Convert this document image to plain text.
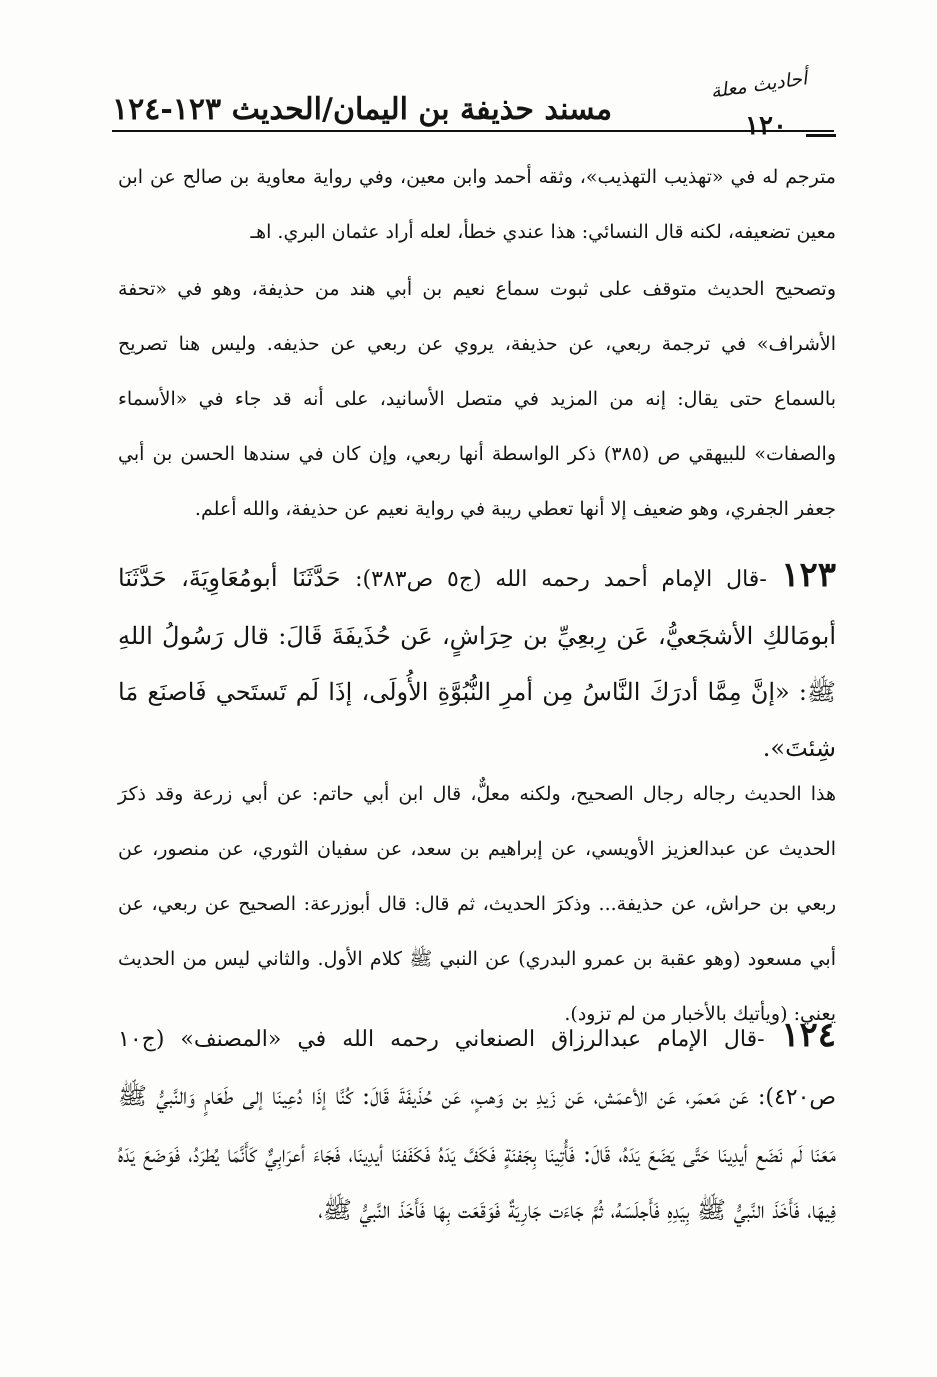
مسند حذيفة بن اليمان/الحديث ١٢٣-١٢٤	١٢٠
أحاديث معلة

مترجم له في «تهذيب التهذيب»، وثقه أحمد وابن معين، وفي رواية معاوية بن صالح عن ابن معين تضعيفه، لكنه قال النسائي: هذا عندي خطأ، لعله أراد عثمان البري. اهـ

وتصحيح الحديث متوقف على ثبوت سماع نعيم بن أبي هند من حذيفة، وهو في «تحفة الأشراف» في ترجمة ربعي، عن حذيفة، يروي عن ربعي عن حذيفه. وليس هنا تصريح بالسماع حتى يقال: إنه من المزيد في متصل الأسانيد، على أنه قد جاء في «الأسماء والصفات» للبيهقي ص (٣٨٥) ذكر الواسطة أنها ربعي، وإن كان في سندها الحسن بن أبي جعفر الجفري، وهو ضعيف إلا أنها تعطي ريبة في رواية نعيم عن حذيفة، والله أعلم.

١٢٣ -قال الإمام أحمد رحمه الله (ج٥ ص٣٨٣): حَدَّثَنَا أبومُعَاوِيَةَ، حَدَّثَنَا أبومَالكِ الأشجَعيُّ، عَن رِبعِيِّ بن حِرَاشٍ، عَن حُذَيفَةَ قَالَ: قال رَسُولُ اللهِ ﷺ: «إنَّ مِمَّا أدرَكَ النَّاسُ مِن أمرِ النُّبُوَّةِ الأُولَى، إذَا لَم تَستَحي فَاصنَع مَا شِئتَ».

هذا الحديث رجاله رجال الصحيح، ولكنه معلٌّ، قال ابن أبي حاتم: عن أبي زرعة وقد ذكرَ الحديث عن عبدالعزيز الأويسي، عن إبراهيم بن سعد، عن سفيان الثوري، عن منصور، عن ربعي بن حراش، عن حذيفة... وذكرَ الحديث، ثم قال: قال أبوزرعة: الصحيح عن ربعي، عن أبي مسعود (وهو عقبة بن عمرو البدري) عن النبي ﷺ كلام الأول. والثاني ليس من الحديث يعني: (ويأتيك بالأخبار من لم تزود).

١٢٤ -قال الإمام عبدالرزاق الصنعاني رحمه الله في «المصنف» (ج١٠ ص٤٢٠): عَن مَعمَر، عَن الأعمَش، عَن زَيدِ بن وَهبٍ، عَن حُذَيفَةَ قَالَ: كُنَّا إذَا دُعِينَا إلى طَعَامٍ وَالنَّبيُّ ﷺ مَعَنَا لَم نَضَع أيدِينَا حَتَّى يَضَعَ يَدَهُ، قَالَ: فَأُتِينَا بِجَفنَةٍ فَكَفَّ يَدَهُ فَكَفَفنَا أيدِينَا، فَجَاءَ أعرَابِيٌّ كَأَنَّمَا يُطرَدُ، فَوَضَعَ يَدَهُ فِيهَا، فَأَخَذَ النَّبيُّ ﷺ بِيَدِهِ فَأَجلَسَهُ، ثُمَّ جَاءَت جَارِيَةٌ فَوَقَعَت بِهَا فَأَخَذَ النَّبيُّ ﷺ،
